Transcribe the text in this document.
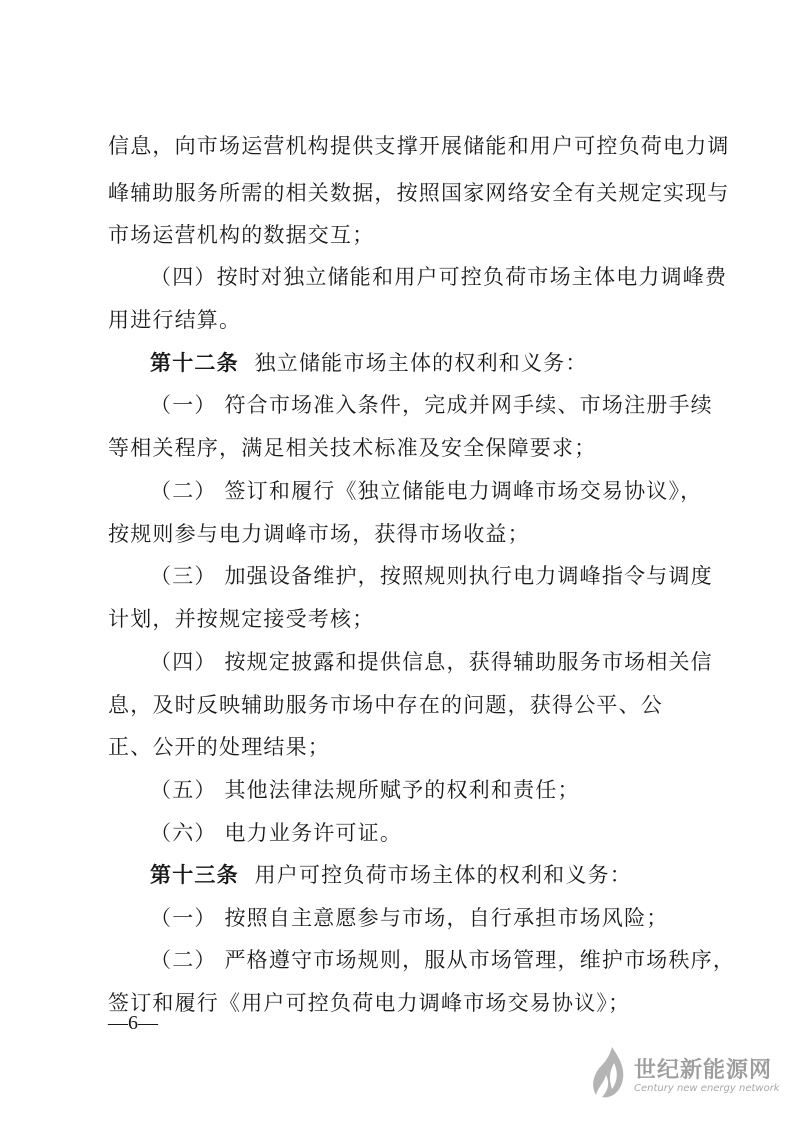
信息，向市场运营机构提供支撑开展储能和用户可控负荷电力调
峰辅助服务所需的相关数据，按照国家网络安全有关规定实现与
市场运营机构的数据交互；
（四）按时对独立储能和用户可控负荷市场主体电力调峰费
用进行结算。
第十二条 独立储能市场主体的权利和义务：
（一） 符合市场准入条件，完成并网手续、市场注册手续
等相关程序，满足相关技术标准及安全保障要求；
（二） 签订和履行《独立储能电力调峰市场交易协议》，
按规则参与电力调峰市场，获得市场收益；
（三） 加强设备维护，按照规则执行电力调峰指令与调度
计划，并按规定接受考核；
（四） 按规定披露和提供信息，获得辅助服务市场相关信
息，及时反映辅助服务市场中存在的问题，获得公平、公
正、公开的处理结果；
（五） 其他法律法规所赋予的权利和责任；
（六） 电力业务许可证。
第十三条 用户可控负荷市场主体的权利和义务：
（一） 按照自主意愿参与市场，自行承担市场风险；
（二） 严格遵守市场规则，服从市场管理，维护市场秩序，
签订和履行《用户可控负荷电力调峰市场交易协议》；
—6—
世纪新能源网
Century new energy network
